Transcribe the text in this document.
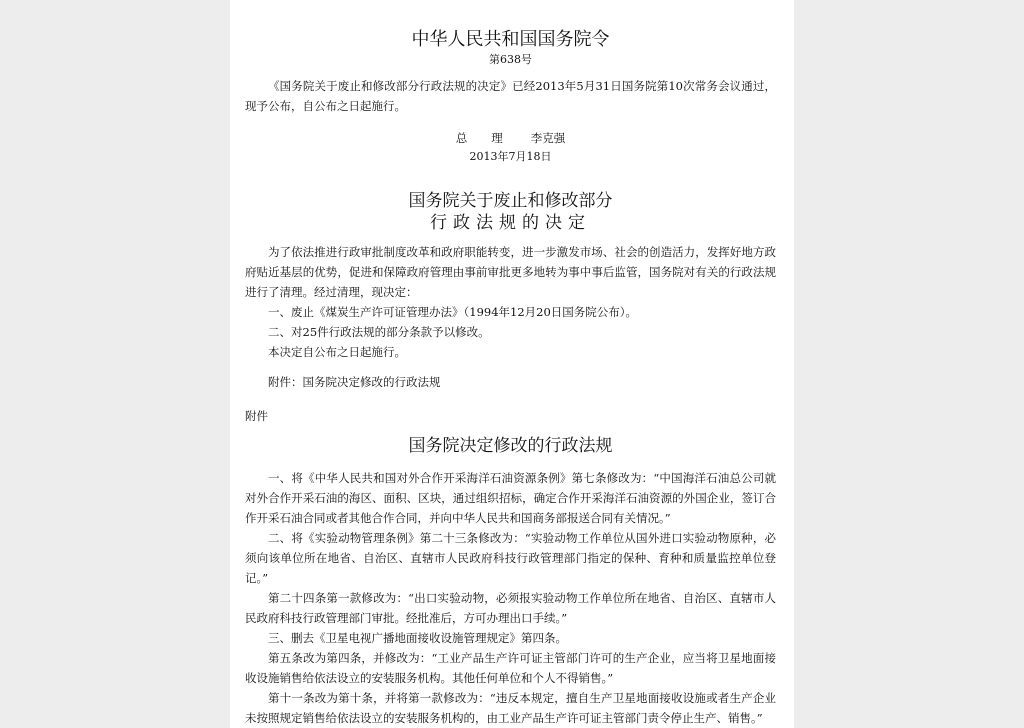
中华人民共和国国务院令
第638号

《国务院关于废止和修改部分行政法规的决定》已经2013年5月31日国务院第10次常务会议通过，现予公布，自公布之日起施行。

总 理 李克强
2013年7月18日
国务院关于废止和修改部分
行政法规的决定

为了依法推进行政审批制度改革和政府职能转变，进一步激发市场、社会的创造活力，发挥好地方政府贴近基层的优势，促进和保障政府管理由事前审批更多地转为事中事后监管，国务院对有关的行政法规进行了清理。经过清理，现决定：

一、废止《煤炭生产许可证管理办法》（1994年12月20日国务院公布）。

二、对25件行政法规的部分条款予以修改。

本决定自公布之日起施行。

附件：国务院决定修改的行政法规

附件

国务院决定修改的行政法规

一、将《中华人民共和国对外合作开采海洋石油资源条例》第七条修改为：“中国海洋石油总公司就对外合作开采石油的海区、面积、区块，通过组织招标，确定合作开采海洋石油资源的外国企业，签订合作开采石油合同或者其他合作合同，并向中华人民共和国商务部报送合同有关情况。”

二、将《实验动物管理条例》第二十三条修改为：“实验动物工作单位从国外进口实验动物原种，必须向该单位所在地省、自治区、直辖市人民政府科技行政管理部门指定的保种、育种和质量监控单位登记。”

第二十四条第一款修改为：“出口实验动物，必须报实验动物工作单位所在地省、自治区、直辖市人民政府科技行政管理部门审批。经批准后，方可办理出口手续。”

三、删去《卫星电视广播地面接收设施管理规定》第四条。

第五条改为第四条，并修改为：“工业产品生产许可证主管部门许可的生产企业，应当将卫星地面接收设施销售给依法设立的安装服务机构。其他任何单位和个人不得销售。”

第十一条改为第十条，并将第一款修改为：“违反本规定，擅自生产卫星地面接收设施或者生产企业未按照规定销售给依法设立的安装服务机构的，由工业产品生产许可证主管部门责令停止生产、销售。”
